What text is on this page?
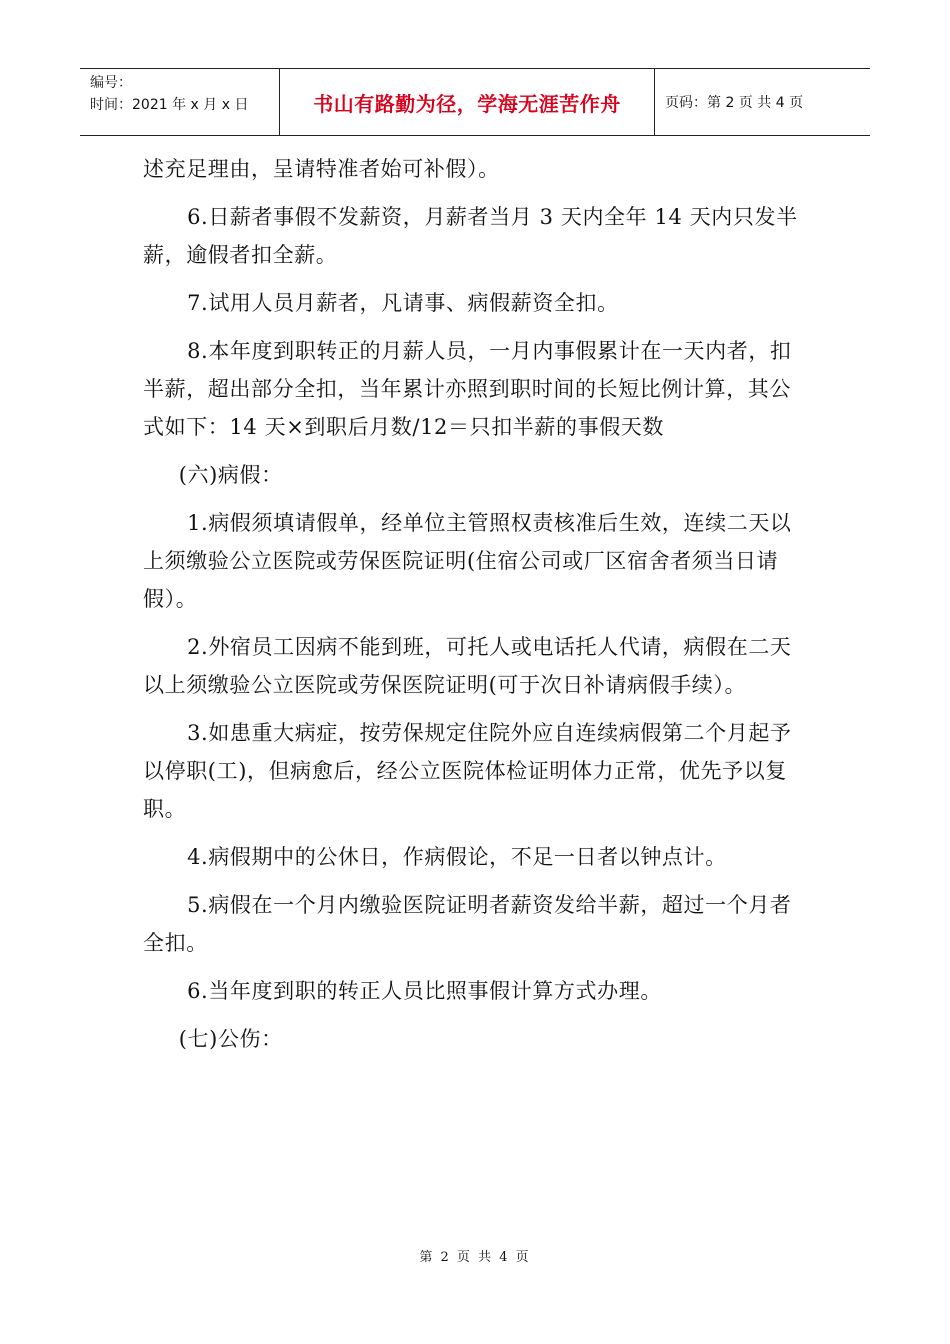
编号：
时间：2021 年 x 月 x 日	书山有路勤为径，学海无涯苦作舟	页码：第 2 页 共 4 页

述充足理由，呈请特准者始可补假）。

6.日薪者事假不发薪资，月薪者当月 3 天内全年 14 天内只发半薪，逾假者扣全薪。

7.试用人员月薪者，凡请事、病假薪资全扣。

8.本年度到职转正的月薪人员，一月内事假累计在一天内者，扣半薪，超出部分全扣，当年累计亦照到职时间的长短比例计算，其公式如下：14 天×到职后月数/12＝只扣半薪的事假天数

(六)病假：

1.病假须填请假单，经单位主管照权责核准后生效，连续二天以上须缴验公立医院或劳保医院证明(住宿公司或厂区宿舍者须当日请假）。

2.外宿员工因病不能到班，可托人或电话托人代请，病假在二天以上须缴验公立医院或劳保医院证明(可于次日补请病假手续）。

3.如患重大病症，按劳保规定住院外应自连续病假第二个月起予以停职(工)，但病愈后，经公立医院体检证明体力正常，优先予以复职。

4.病假期中的公休日，作病假论，不足一日者以钟点计。

5.病假在一个月内缴验医院证明者薪资发给半薪，超过一个月者全扣。

6.当年度到职的转正人员比照事假计算方式办理。

(七)公伤：

第 2 页 共 4 页
